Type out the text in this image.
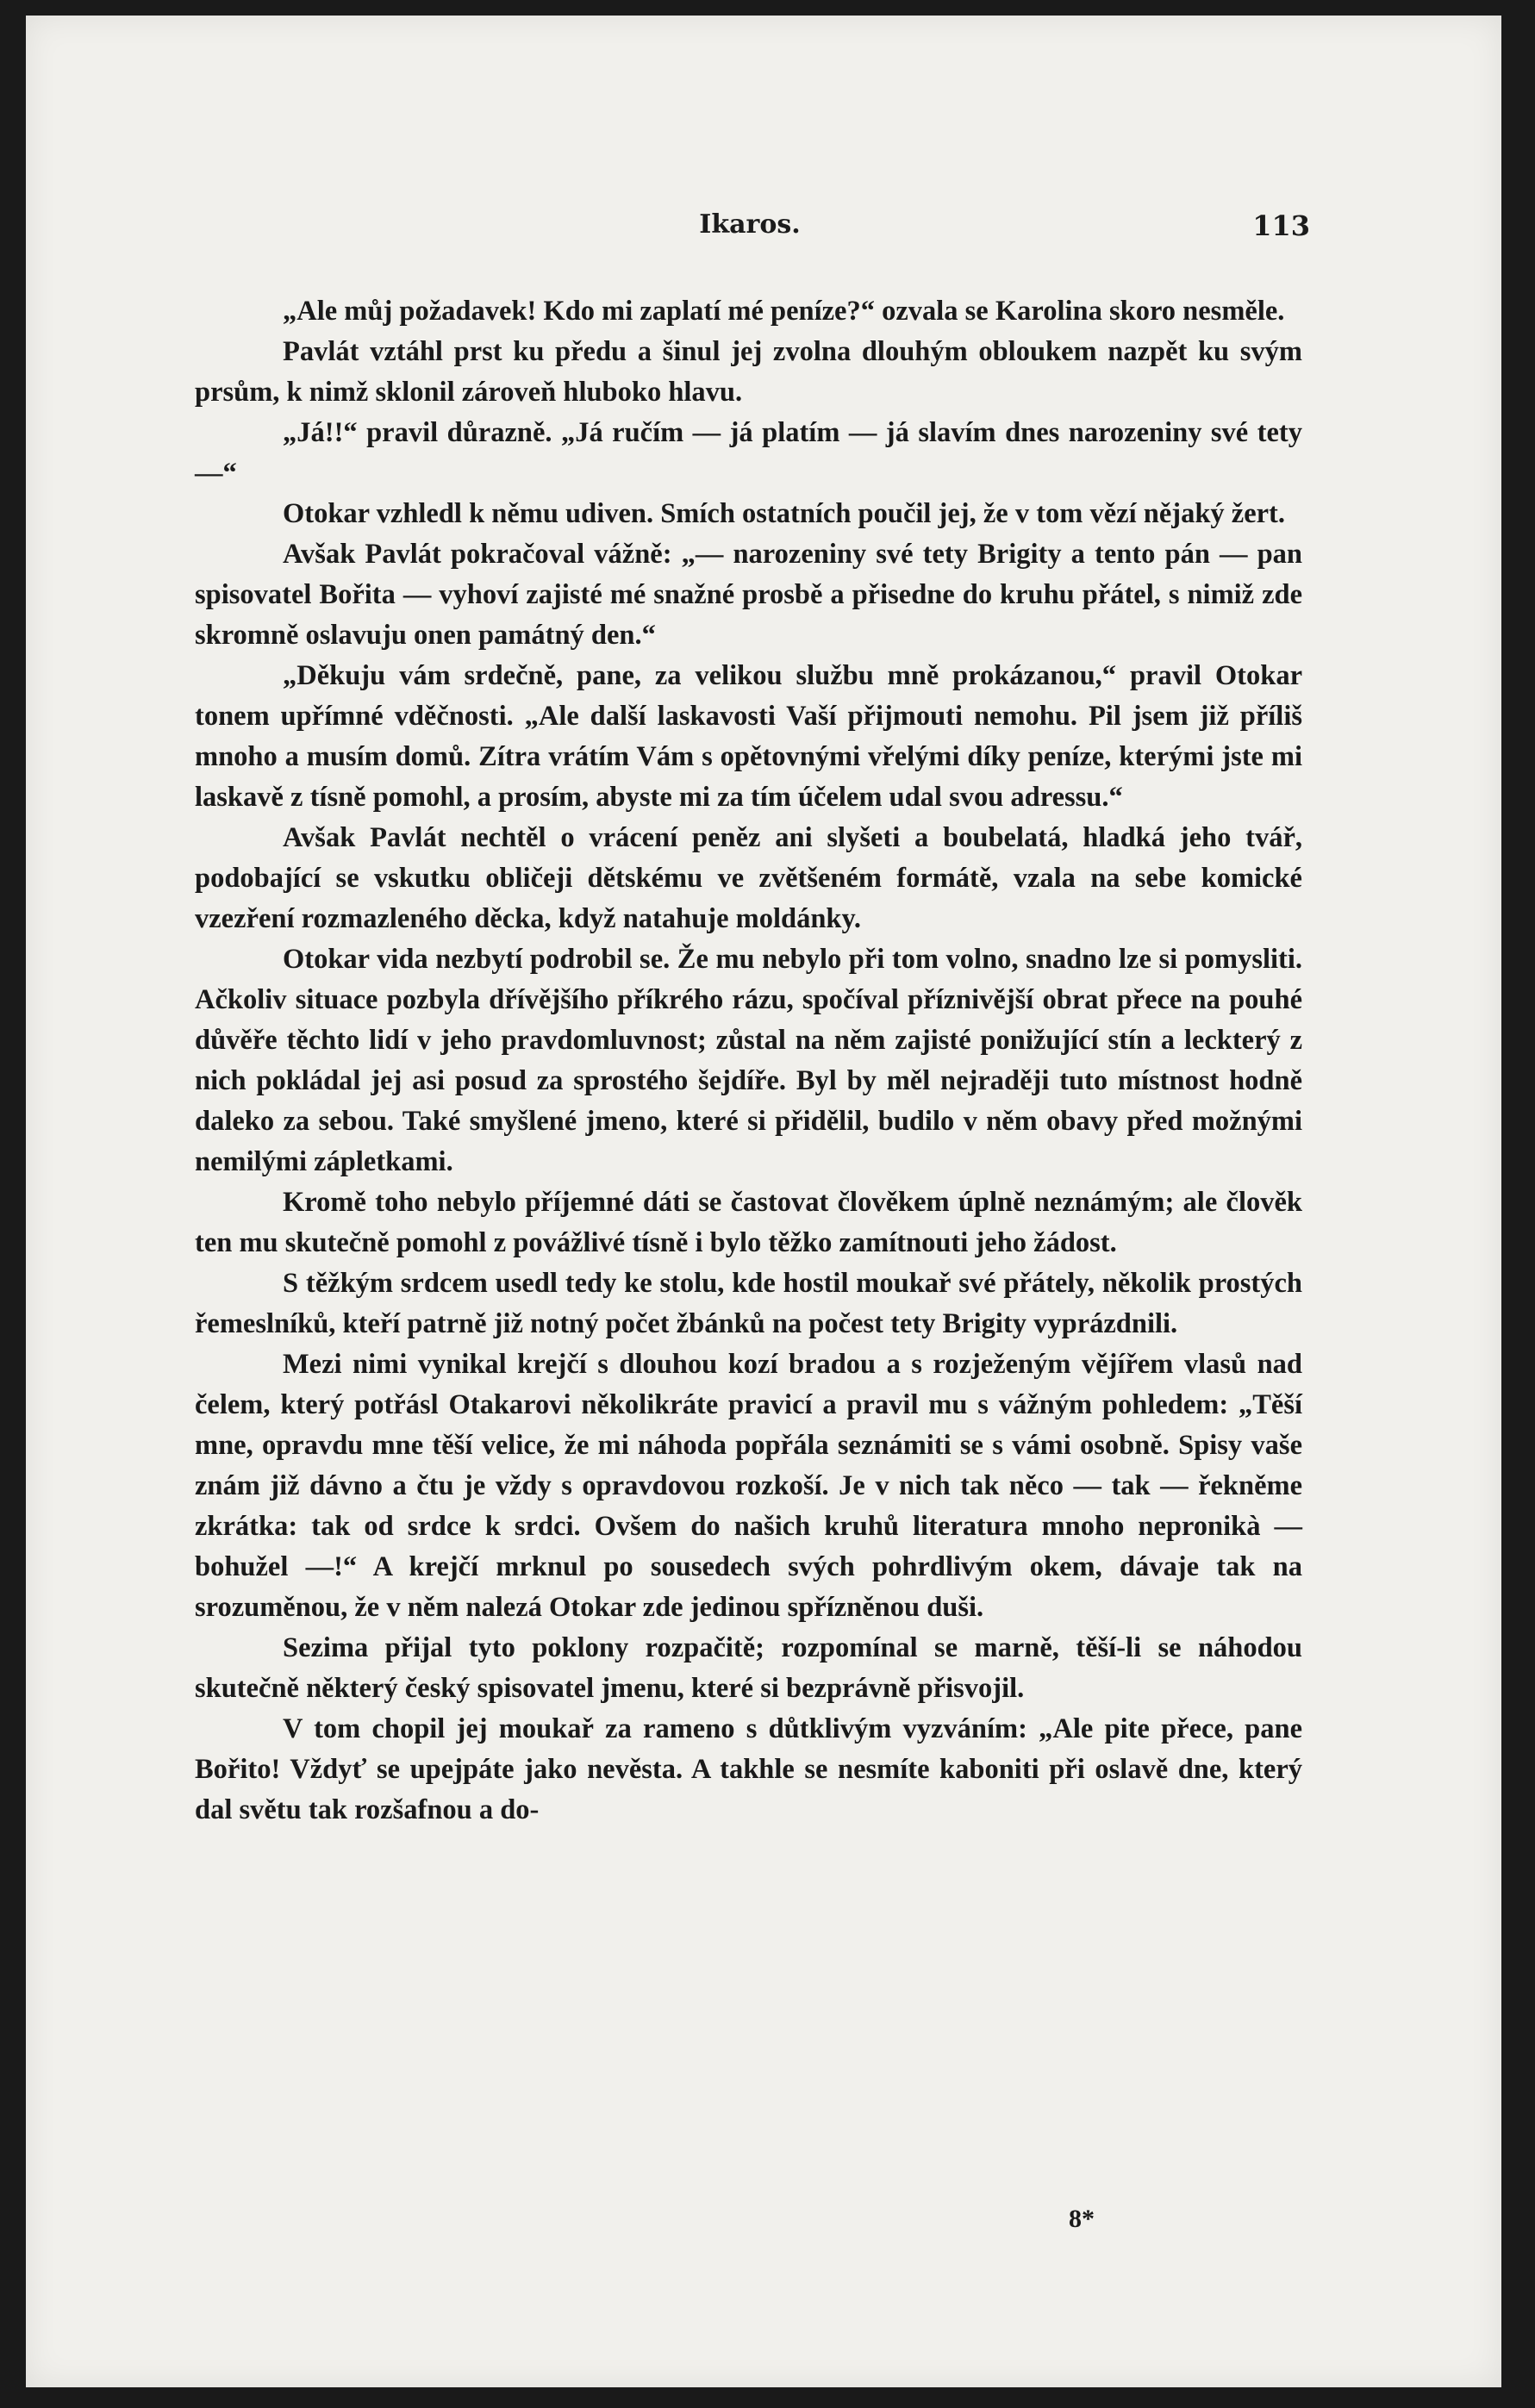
Ikaros.	113

„Ale můj požadavek! Kdo mi zaplatí mé peníze?“ ozvala se Karolina skoro nesměle.

Pavlát vztáhl prst ku předu a šinul jej zvolna dlouhým obloukem nazpět ku svým prsům, k nimž sklonil zároveň hluboko hlavu.

„Já!!“ pravil důrazně. „Já ručím — já platím — já slavím dnes narozeniny své tety —“

Otokar vzhledl k němu udiven. Smích ostatních poučil jej, že v tom vězí nějaký žert.

Avšak Pavlát pokračoval vážně: „— narozeniny své tety Brigity a tento pán — pan spisovatel Bořita — vyhoví zajisté mé snažné prosbě a přisedne do kruhu přátel, s nimiž zde skromně oslavuju onen památný den.“

„Děkuju vám srdečně, pane, za velikou službu mně prokázanou,“ pravil Otokar tonem upřímné vděčnosti. „Ale další laskavosti Vaší přijmouti nemohu. Pil jsem již příliš mnoho a musím domů. Zítra vrátím Vám s opětovnými vřelými díky peníze, kterými jste mi laskavě z tísně pomohl, a prosím, abyste mi za tím účelem udal svou adressu.“

Avšak Pavlát nechtěl o vrácení peněz ani slyšeti a boubelatá, hladká jeho tvář, podobající se vskutku obličeji dětskému ve zvětšeném formátě, vzala na sebe komické vzezření rozmazleného děcka, když natahuje moldánky.

Otokar vida nezbytí podrobil se. Že mu nebylo při tom volno, snadno lze si pomysliti. Ačkoliv situace pozbyla dřívějšího příkrého rázu, spočíval příznivější obrat přece na pouhé důvěře těchto lidí v jeho pravdomluvnost; zůstal na něm zajisté ponižující stín a leckterý z nich pokládal jej asi posud za sprostého šejdíře. Byl by měl nejraději tuto místnost hodně daleko za sebou. Také smyšlené jmeno, které si přidělil, budilo v něm obavy před možnými nemilými zápletkami.

Kromě toho nebylo příjemné dáti se častovat člověkem úplně neznámým; ale člověk ten mu skutečně pomohl z povážlivé tísně i bylo těžko zamítnouti jeho žádost.

S těžkým srdcem usedl tedy ke stolu, kde hostil moukař své přátely, několik prostých řemeslníků, kteří patrně již notný počet žbánků na počest tety Brigity vyprázdnili.

Mezi nimi vynikal krejčí s dlouhou kozí bradou a s rozježeným vějířem vlasů nad čelem, který potřásl Otakarovi několikráte pravicí a pravil mu s vážným pohledem: „Těší mne, opravdu mne těší velice, že mi náhoda popřála seznámiti se s vámi osobně. Spisy vaše znám již dávno a čtu je vždy s opravdovou rozkoší. Je v nich tak něco — tak — řekněme zkrátka: tak od srdce k srdci. Ovšem do našich kruhů literatura mnoho nepronikà — bohužel —!“ A krejčí mrknul po sousedech svých pohrdlivým okem, dávaje tak na srozuměnou, že v něm nalezá Otokar zde jedinou spřízněnou duši.

Sezima přijal tyto poklony rozpačitě; rozpomínal se marně, těší-li se náhodou skutečně některý český spisovatel jmenu, které si bezprávně přisvojil.

V tom chopil jej moukař za rameno s důtklivým vyzváním: „Ale pite přece, pane Bořito! Vždyť se upejpáte jako nevěsta. A takhle se nesmíte kaboniti při oslavě dne, který dal světu tak rozšafnou a do-

8*
